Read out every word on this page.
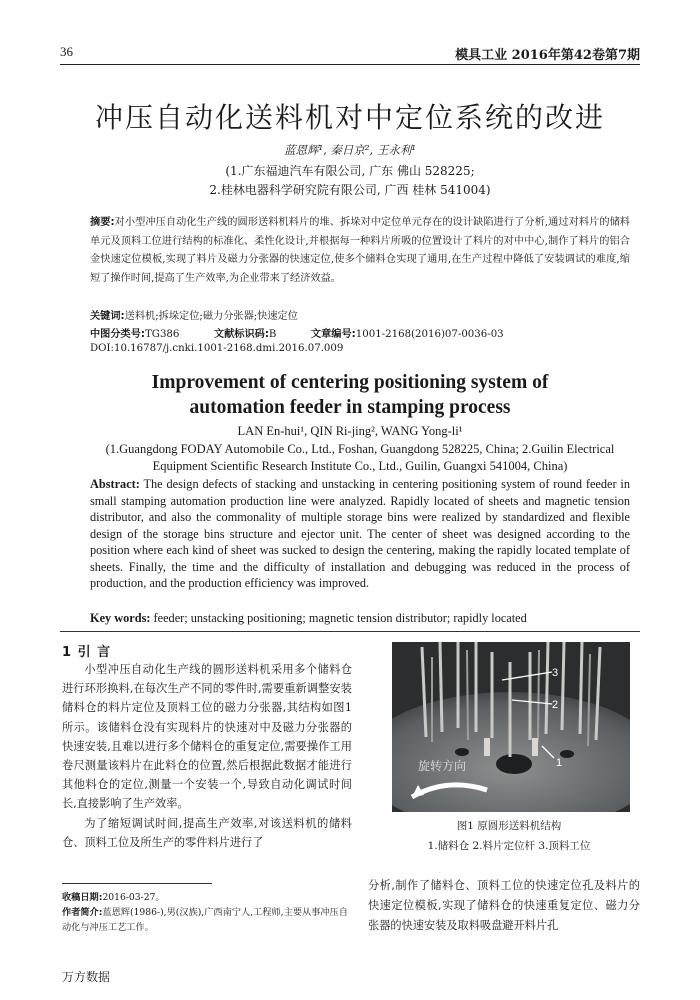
36	模具工业 2016年第42卷第7期
冲压自动化送料机对中定位系统的改进
蓝恩辉¹, 秦日京², 王永利¹
(1.广东福迪汽车有限公司, 广东 佛山 528225;
2.桂林电器科学研究院有限公司, 广西 桂林 541004)
摘要:对小型冲压自动化生产线的圆形送料机料片的堆、拆垛对中定位单元存在的设计缺陷进行了分析,通过对料片的储料单元及顶料工位进行结构的标准化、柔性化设计,并根据每一种料片所吸的位置设计了料片的对中中心,制作了料片的铝合金快速定位模板,实现了料片及磁力分张器的快速定位,使多个储料仓实现了通用,在生产过程中降低了安装调试的难度,缩短了操作时间,提高了生产效率,为企业带来了经济效益。
关键词:送料机;拆垛定位;磁力分张器;快速定位
中图分类号:TG386	文献标识码:B	文章编号:1001-2168(2016)07-0036-03
DOI:10.16787/j.cnki.1001-2168.dmi.2016.07.009
Improvement of centering positioning system of
automation feeder in stamping process
LAN En-hui¹, QIN Ri-jing², WANG Yong-li¹
(1.Guangdong FODAY Automobile Co., Ltd., Foshan, Guangdong 528225, China; 2.Guilin Electrical Equipment Scientific Research Institute Co., Ltd., Guilin, Guangxi 541004, China)
Abstract: The design defects of stacking and unstacking in centering positioning system of round feeder in small stamping automation production line were analyzed. Rapidly located of sheets and magnetic tension distributor, and also the commonality of multiple storage bins were realized by standardized and flexible design of the storage bins structure and ejector unit. The center of sheet was designed according to the position where each kind of sheet was sucked to design the centering, making the rapidly located template of sheets. Finally, the time and the difficulty of installation and debugging was reduced in the process of production, and the production efficiency was improved.
Key words: feeder; unstacking positioning; magnetic tension distributor; rapidly located
1 引 言

小型冲压自动化生产线的圆形送料机采用多个储料仓进行环形换料,在每次生产不同的零件时,需要重新调整安装储料仓的料片定位及顶料工位的磁力分张器,其结构如图1所示。该储料仓没有实现料片的快速对中及磁力分张器的快速安装,且难以进行多个储料仓的重复定位,需要操作工用卷尺测量该料片在此料仓的位置,然后根据此数据才能进行其他料仓的定位,测量一个安装一个,导致自动化调试时间长,直接影响了生产效率。

为了缩短调试时间,提高生产效率,对该送料机的储料仓、顶料工位及所生产的零件料片进行了

3
2
1
旋转方向
图1 原圆形送料机结构
1.储料仓 2.料片定位杆 3.顶料工位
分析,制作了储料仓、顶料工位的快速定位孔及料片的快速定位模板,实现了储料仓的快速重复定位、磁力分张器的快速安装及取料吸盘避开料片孔
收稿日期:2016-03-27。
作者简介:蓝恩辉(1986-),男(汉族),广西南宁人,工程师,主要从事冲压自动化与冲压工艺工作。
万方数据
